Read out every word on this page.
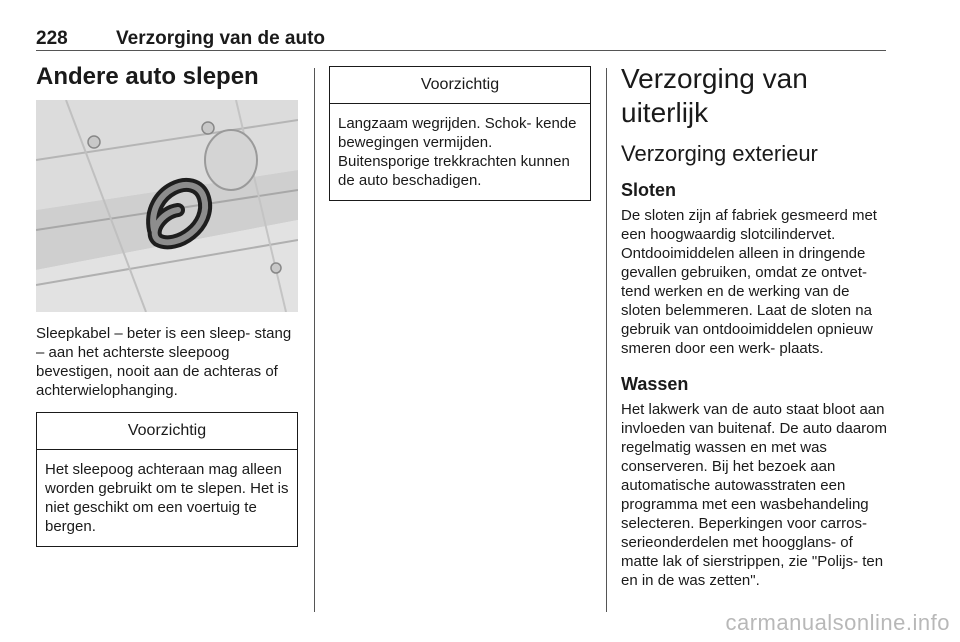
228	Verzorging van de auto
Andere auto slepen

Sleepkabel – beter is een sleep- stang – aan het achterste sleepoog bevestigen, nooit aan de achteras of achterwielophanging.

Voorzichtig
Het sleepoog achteraan mag alleen worden gebruikt om te slepen. Het is niet geschikt om een voertuig te bergen.
Voorzichtig
Langzaam wegrijden. Schok- kende bewegingen vermijden. Buitensporige trekkrachten kunnen de auto beschadigen.
Verzorging van uiterlijk
Verzorging exterieur
Sloten

De sloten zijn af fabriek gesmeerd met een hoogwaardig slotcilindervet. Ontdooimiddelen alleen in dringende gevallen gebruiken, omdat ze ontvet- tend werken en de werking van de sloten belemmeren. Laat de sloten na gebruik van ontdooimiddelen opnieuw smeren door een werk- plaats.

Wassen

Het lakwerk van de auto staat bloot aan invloeden van buitenaf. De auto daarom regelmatig wassen en met was conserveren. Bij het bezoek aan automatische autowasstraten een programma met een wasbehandeling selecteren. Beperkingen voor carros- serieonderdelen met hoogglans- of matte lak of sierstrippen, zie "Polijs- ten en in de was zetten".

carmanualsonline.info
